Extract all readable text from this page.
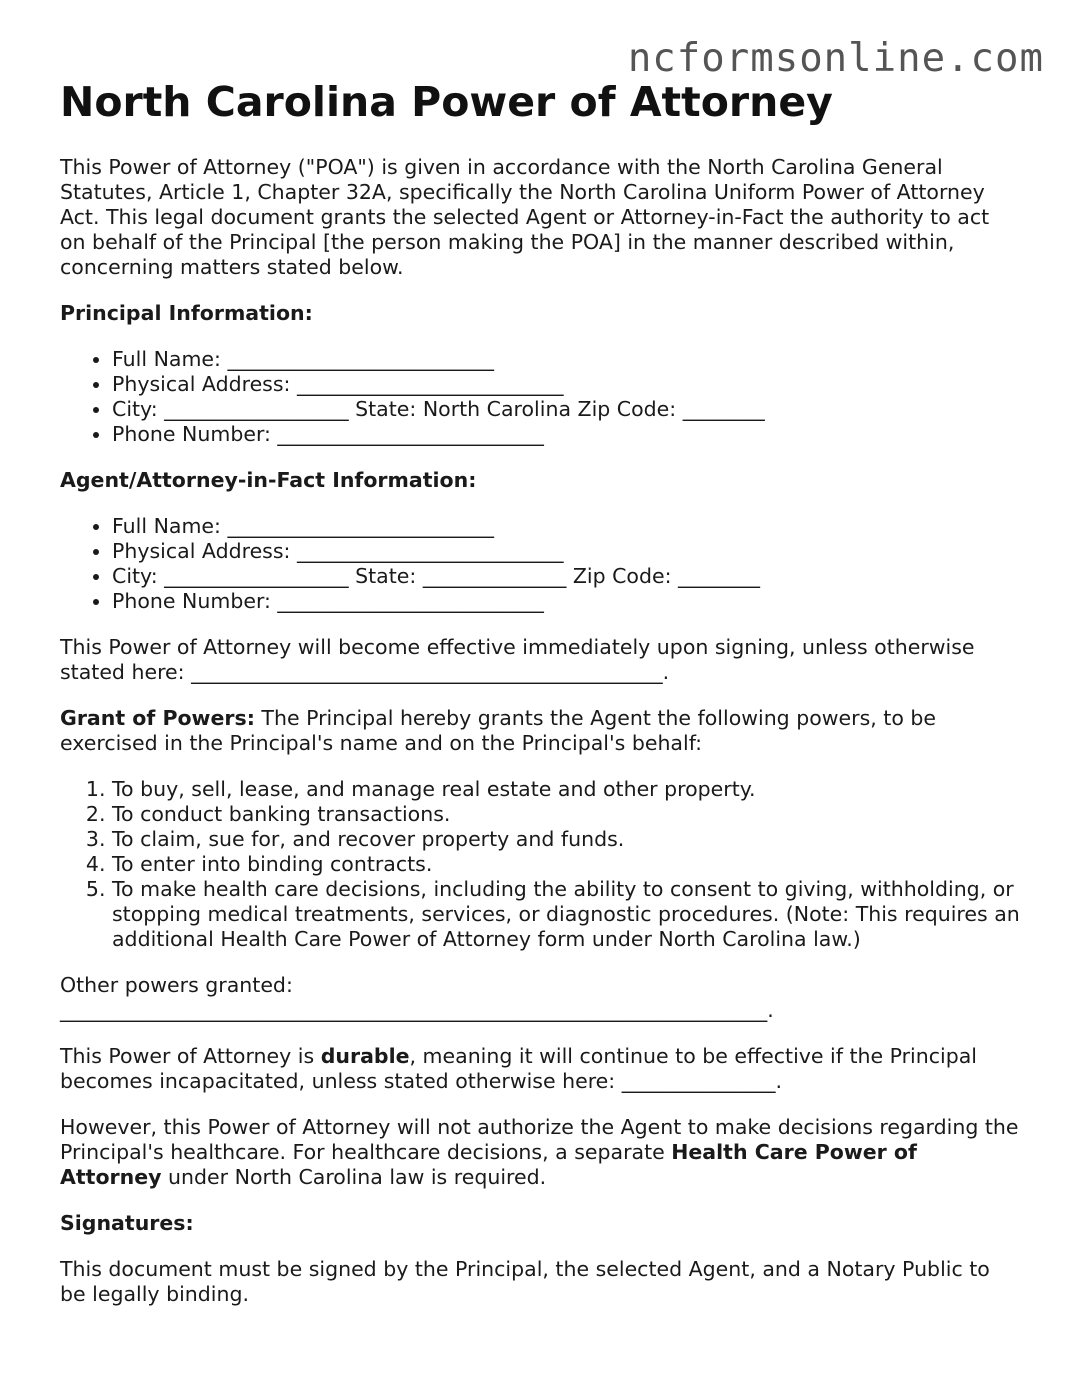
ncformsonline.com
North Carolina Power of Attorney

This Power of Attorney ("POA") is given in accordance with the North Carolina General Statutes, Article 1, Chapter 32A, specifically the North Carolina Uniform Power of Attorney Act. This legal document grants the selected Agent or Attorney-in-Fact the authority to act on behalf of the Principal [the person making the POA] in the manner described within, concerning matters stated below.

Principal Information:

• Full Name: __________________________
• Physical Address: __________________________
• City: __________________ State: North Carolina Zip Code: ________
• Phone Number: __________________________

Agent/Attorney-in-Fact Information:

• Full Name: __________________________
• Physical Address: __________________________
• City: __________________ State: ______________ Zip Code: ________
• Phone Number: __________________________

This Power of Attorney will become effective immediately upon signing, unless otherwise stated here: ______________________________________________.

Grant of Powers: The Principal hereby grants the Agent the following powers, to be exercised in the Principal's name and on the Principal's behalf:

1. To buy, sell, lease, and manage real estate and other property.
2. To conduct banking transactions.
3. To claim, sue for, and recover property and funds.
4. To enter into binding contracts.
5. To make health care decisions, including the ability to consent to giving, withholding, or stopping medical treatments, services, or diagnostic procedures. (Note: This requires an additional Health Care Power of Attorney form under North Carolina law.)

Other powers granted:
_____________________________________________________________________.

This Power of Attorney is durable, meaning it will continue to be effective if the Principal becomes incapacitated, unless stated otherwise here: _______________.

However, this Power of Attorney will not authorize the Agent to make decisions regarding the Principal's healthcare. For healthcare decisions, a separate Health Care Power of Attorney under North Carolina law is required.

Signatures:

This document must be signed by the Principal, the selected Agent, and a Notary Public to be legally binding.
